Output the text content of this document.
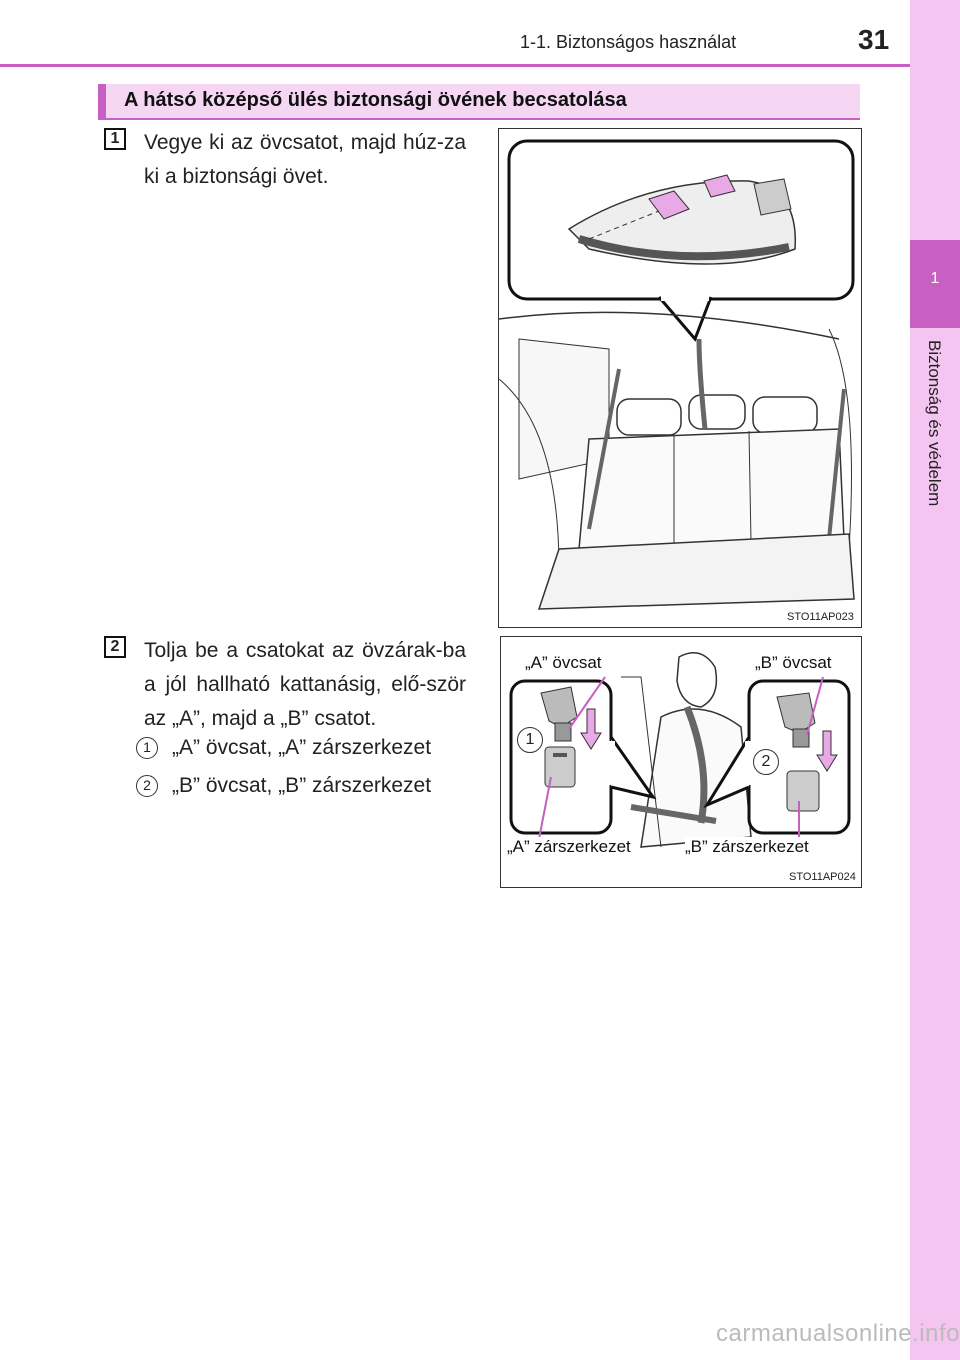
1-1. Biztonságos használat	31
1
Biztonság és védelem
A hátsó középső ülés biztonsági övének becsatolása
1	Vegye ki az övcsatot, majd húz-za ki a biztonsági övet.
STO11AP023
2	Tolja be a csatokat az övzárak-ba a jól hallható kattanásig, elő-ször az „A”, majd a „B” csatot.
1	„A” övcsat, „A” zárszerkezet
2	„B” övcsat, „B” zárszerkezet
„A” övcsat	„B” övcsat
„A” zárszerkezet	„B” zárszerkezet
1
2
STO11AP024
carmanualsonline.info
